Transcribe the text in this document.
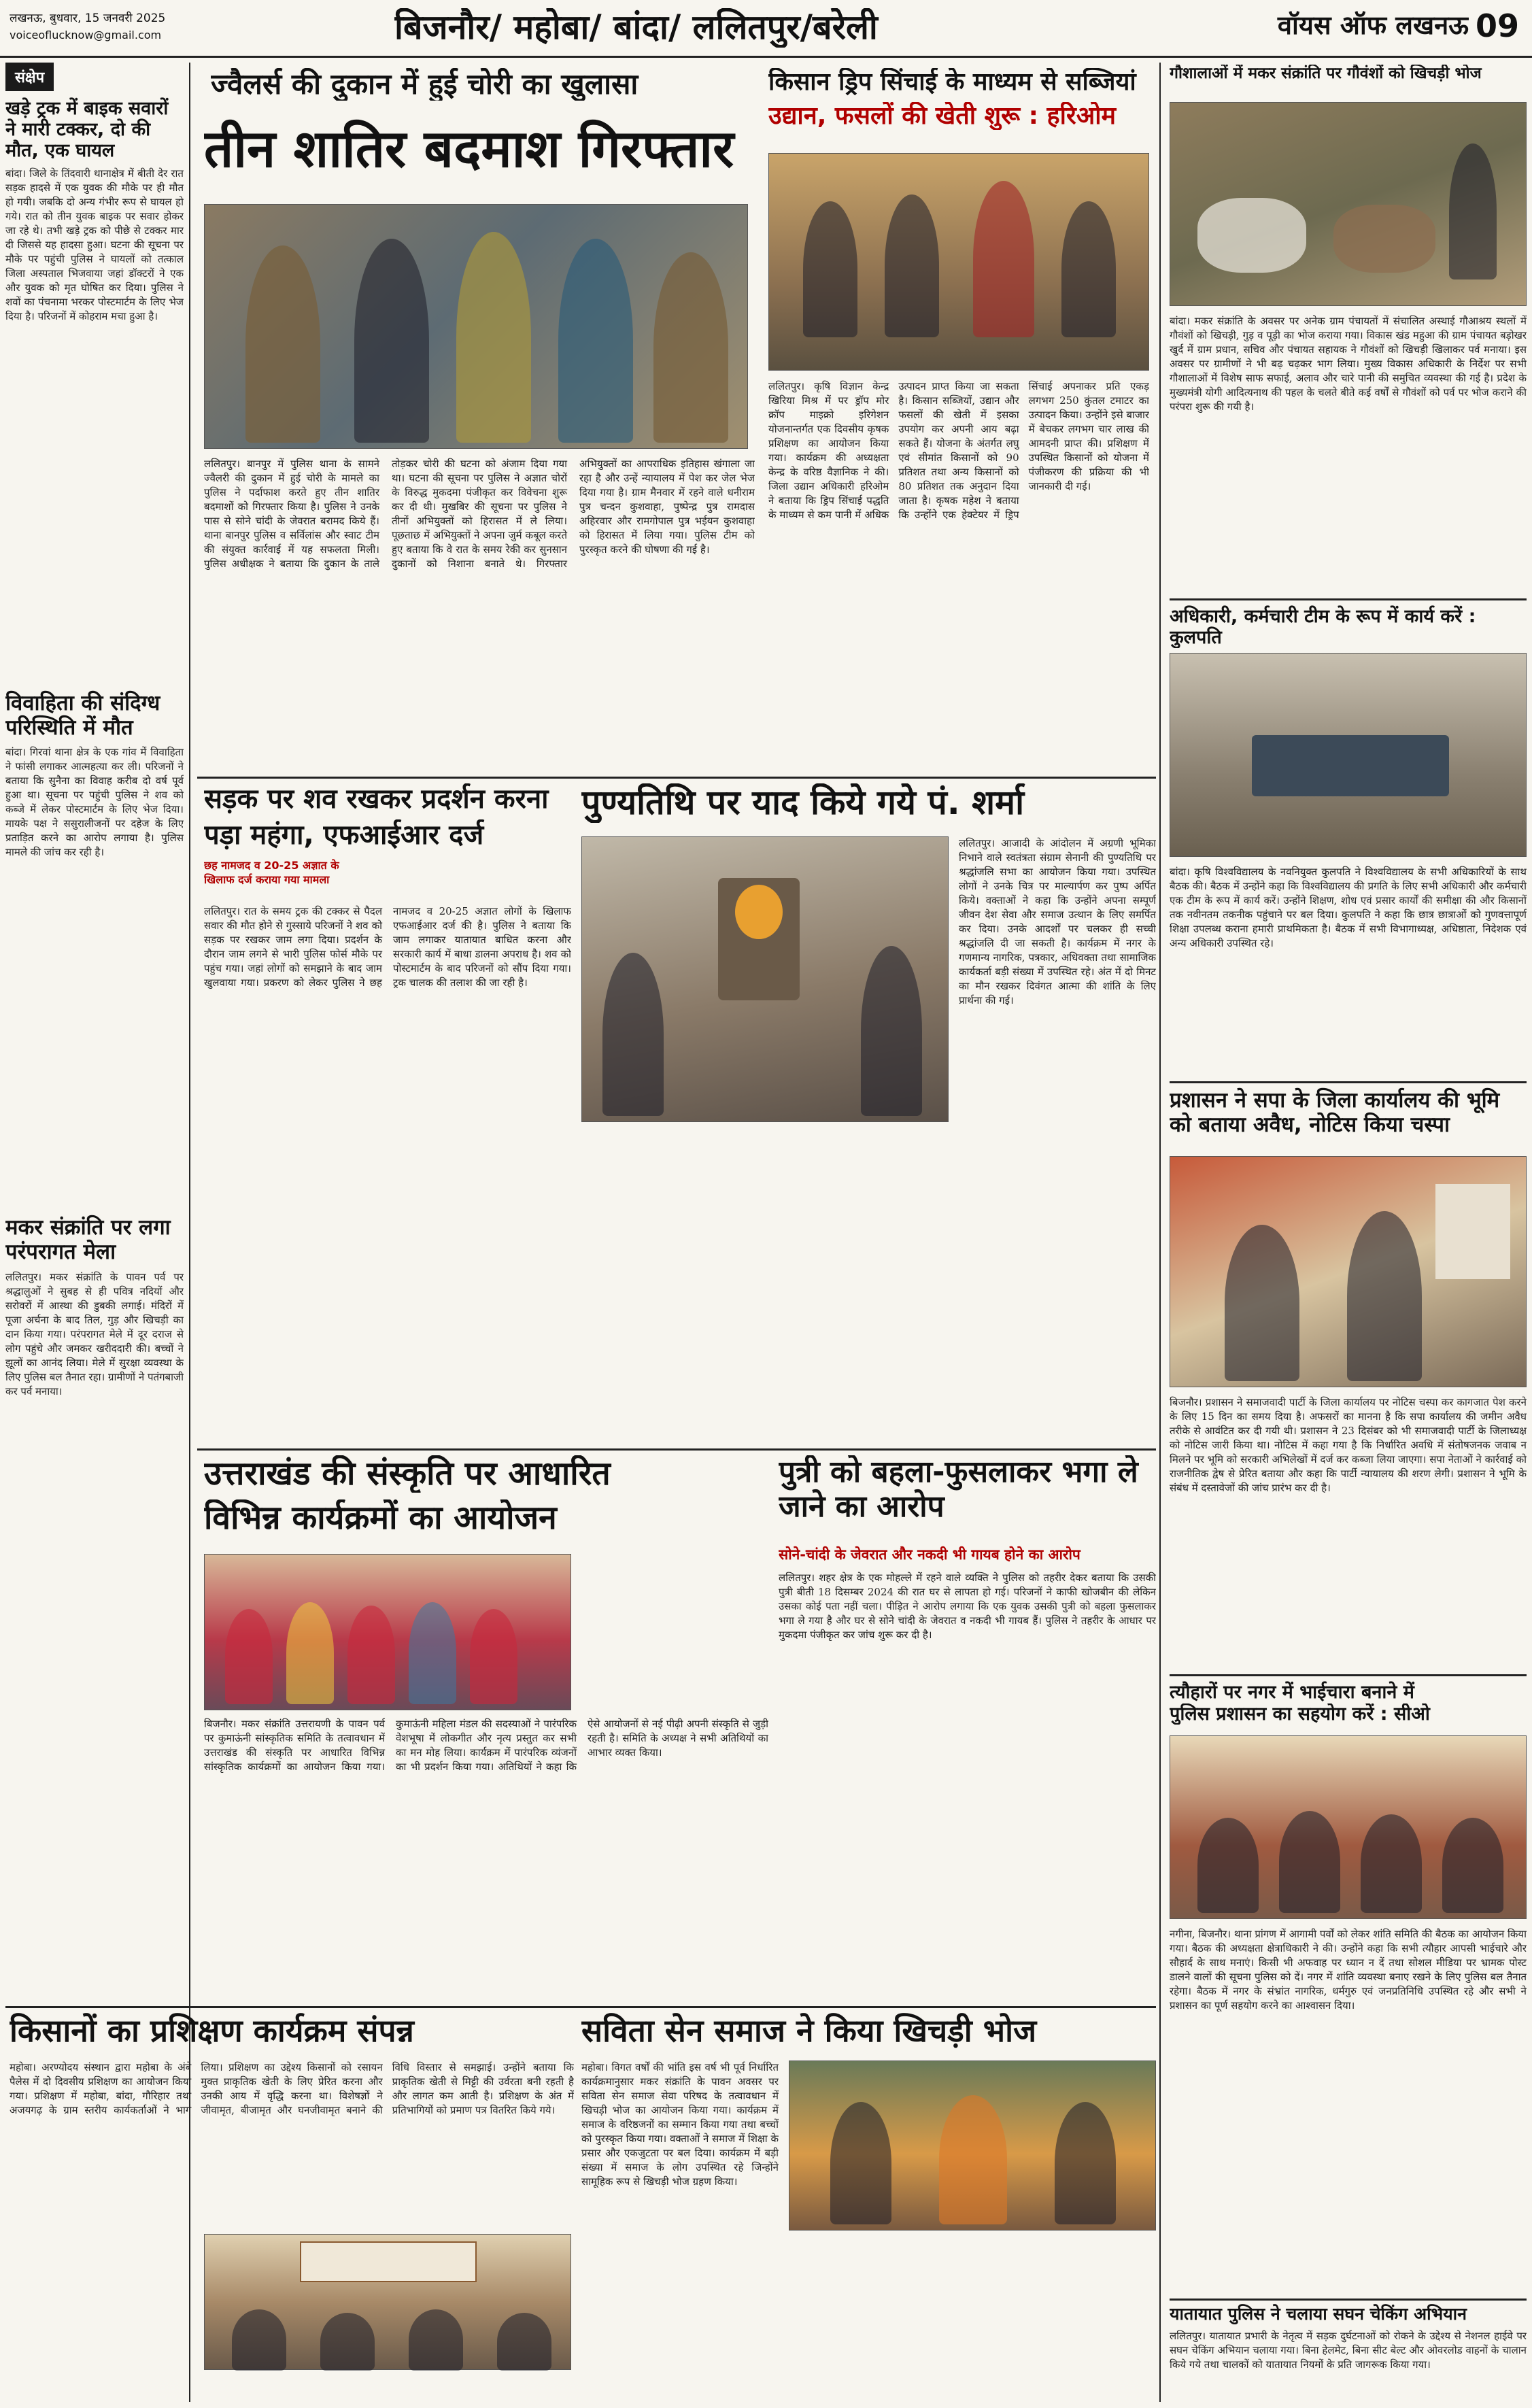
लखनऊ, बुधवार, 15 जनवरी 2025
voiceoflucknow@gmail.com	बिजनौर/ महोबा/ बांदा/ ललितपुर/बरेली	वॉयस ऑफ लखनऊ 09
संक्षेप
खड़े ट्रक में बाइक सवारों ने मारी टक्कर, दो की मौत, एक घायल
बांदा। जिले के तिंदवारी थानाक्षेत्र में बीती देर रात सड़क हादसे में एक युवक की मौके पर ही मौत हो गयी। जबकि दो अन्य गंभीर रूप से घायल हो गये। रात को तीन युवक बाइक पर सवार होकर जा रहे थे। तभी खड़े ट्रक को पीछे से टक्कर मार दी जिससे यह हादसा हुआ। घटना की सूचना पर मौके पर पहुंची पुलिस ने घायलों को तत्काल जिला अस्पताल भिजवाया जहां डॉक्टरों ने एक और युवक को मृत घोषित कर दिया। पुलिस ने शवों का पंचनामा भरकर पोस्टमार्टम के लिए भेज दिया है। परिजनों में कोहराम मचा हुआ है।
विवाहिता की संदिग्ध परिस्थिति में मौत
बांदा। गिरवां थाना क्षेत्र के एक गांव में विवाहिता ने फांसी लगाकर आत्महत्या कर ली। परिजनों ने बताया कि सुनैना का विवाह करीब दो वर्ष पूर्व हुआ था। सूचना पर पहुंची पुलिस ने शव को कब्जे में लेकर पोस्टमार्टम के लिए भेज दिया। मायके पक्ष ने ससुरालीजनों पर दहेज के लिए प्रताड़ित करने का आरोप लगाया है। पुलिस मामले की जांच कर रही है।
मकर संक्रांति पर लगा परंपरागत मेला
ललितपुर। मकर संक्रांति के पावन पर्व पर श्रद्धालुओं ने सुबह से ही पवित्र नदियों और सरोवरों में आस्था की डुबकी लगाई। मंदिरों में पूजा अर्चना के बाद तिल, गुड़ और खिचड़ी का दान किया गया। परंपरागत मेले में दूर दराज से लोग पहुंचे और जमकर खरीददारी की। बच्चों ने झूलों का आनंद लिया। मेले में सुरक्षा व्यवस्था के लिए पुलिस बल तैनात रहा। ग्रामीणों ने पतंगबाजी कर पर्व मनाया।
ज्वैलर्स की दुकान में हुई चोरी का खुलासा
तीन शातिर बदमाश गिरफ्तार
ललितपुर। बानपुर में पुलिस थाना के सामने ज्वैलरी की दुकान में हुई चोरी के मामले का पुलिस ने पर्दाफाश करते हुए तीन शातिर बदमाशों को गिरफ्तार किया है। पुलिस ने उनके पास से सोने चांदी के जेवरात बरामद किये हैं। थाना बानपुर पुलिस व सर्विलांस और स्वाट टीम की संयुक्त कार्रवाई में यह सफलता मिली। पुलिस अधीक्षक ने बताया कि दुकान के ताले तोड़कर चोरी की घटना को अंजाम दिया गया था। घटना की सूचना पर पुलिस ने अज्ञात चोरों के विरुद्ध मुकदमा पंजीकृत कर विवेचना शुरू कर दी थी। मुखबिर की सूचना पर पुलिस ने तीनों अभियुक्तों को हिरासत में ले लिया। पूछताछ में अभियुक्तों ने अपना जुर्म कबूल करते हुए बताया कि वे रात के समय रेकी कर सुनसान दुकानों को निशाना बनाते थे। गिरफ्तार अभियुक्तों का आपराधिक इतिहास खंगाला जा रहा है और उन्हें न्यायालय में पेश कर जेल भेज दिया गया है। ग्राम मैनवार में रहने वाले धनीराम पुत्र चन्दन कुशवाहा, पुष्पेन्द्र पुत्र रामदास अहिरवार और रामगोपाल पुत्र भईयन कुशवाहा को हिरासत में लिया गया। पुलिस टीम को पुरस्कृत करने की घोषणा की गई है।
किसान ड्रिप सिंचाई के माध्यम से सब्जियां
उद्यान, फसलों की खेती शुरू : हरिओम
ललितपुर। कृषि विज्ञान केन्द्र खिरिया मिश्र में पर ड्रॉप मोर क्रॉप माइक्रो इरिगेशन योजनान्तर्गत एक दिवसीय कृषक प्रशिक्षण का आयोजन किया गया। कार्यक्रम की अध्यक्षता केन्द्र के वरिष्ठ वैज्ञानिक ने की। जिला उद्यान अधिकारी हरिओम ने बताया कि ड्रिप सिंचाई पद्धति के माध्यम से कम पानी में अधिक उत्पादन प्राप्त किया जा सकता है। किसान सब्जियों, उद्यान और फसलों की खेती में इसका उपयोग कर अपनी आय बढ़ा सकते हैं। योजना के अंतर्गत लघु एवं सीमांत किसानों को 90 प्रतिशत तथा अन्य किसानों को 80 प्रतिशत तक अनुदान दिया जाता है। कृषक महेश ने बताया कि उन्होंने एक हेक्टेयर में ड्रिप सिंचाई अपनाकर प्रति एकड़ लगभग 250 कुंतल टमाटर का उत्पादन किया। उन्होंने इसे बाजार में बेचकर लगभग चार लाख की आमदनी प्राप्त की। प्रशिक्षण में उपस्थित किसानों को योजना में पंजीकरण की प्रक्रिया की भी जानकारी दी गई।
गौशालाओं में मकर संक्रांति पर गौवंशों को खिचड़ी भोज
बांदा। मकर संक्रांति के अवसर पर अनेक ग्राम पंचायतों में संचालित अस्थाई गौआश्रय स्थलों में गौवंशों को खिचड़ी, गुड़ व पूड़ी का भोज कराया गया। विकास खंड महुआ की ग्राम पंचायत बड़ोखर खुर्द में ग्राम प्रधान, सचिव और पंचायत सहायक ने गौवंशों को खिचड़ी खिलाकर पर्व मनाया। इस अवसर पर ग्रामीणों ने भी बढ़ चढ़कर भाग लिया। मुख्य विकास अधिकारी के निर्देश पर सभी गौशालाओं में विशेष साफ सफाई, अलाव और चारे पानी की समुचित व्यवस्था की गई है। प्रदेश के मुख्यमंत्री योगी आदित्यनाथ की पहल के चलते बीते कई वर्षों से गौवंशों को पर्व पर भोज कराने की परंपरा शुरू की गयी है।
अधिकारी, कर्मचारी टीम के रूप में कार्य करें : कुलपति
बांदा। कृषि विश्वविद्यालय के नवनियुक्त कुलपति ने विश्वविद्यालय के सभी अधिकारियों के साथ बैठक की। बैठक में उन्होंने कहा कि विश्वविद्यालय की प्रगति के लिए सभी अधिकारी और कर्मचारी एक टीम के रूप में कार्य करें। उन्होंने शिक्षण, शोध एवं प्रसार कार्यों की समीक्षा की और किसानों तक नवीनतम तकनीक पहुंचाने पर बल दिया। कुलपति ने कहा कि छात्र छात्राओं को गुणवत्तापूर्ण शिक्षा उपलब्ध कराना हमारी प्राथमिकता है। बैठक में सभी विभागाध्यक्ष, अधिष्ठाता, निदेशक एवं अन्य अधिकारी उपस्थित रहे।
प्रशासन ने सपा के जिला कार्यालय की भूमि को बताया अवैध, नोटिस किया चस्पा
बिजनौर। प्रशासन ने समाजवादी पार्टी के जिला कार्यालय पर नोटिस चस्पा कर कागजात पेश करने के लिए 15 दिन का समय दिया है। अफसरों का मानना है कि सपा कार्यालय की जमीन अवैध तरीके से आवंटित कर दी गयी थी। प्रशासन ने 23 दिसंबर को भी समाजवादी पार्टी के जिलाध्यक्ष को नोटिस जारी किया था। नोटिस में कहा गया है कि निर्धारित अवधि में संतोषजनक जवाब न मिलने पर भूमि को सरकारी अभिलेखों में दर्ज कर कब्जा लिया जाएगा। सपा नेताओं ने कार्रवाई को राजनीतिक द्वेष से प्रेरित बताया और कहा कि पार्टी न्यायालय की शरण लेगी। प्रशासन ने भूमि के संबंध में दस्तावेजों की जांच प्रारंभ कर दी है।
त्यौहारों पर नगर में भाईचारा बनाने में
पुलिस प्रशासन का सहयोग करें : सीओ
नगीना, बिजनौर। थाना प्रांगण में आगामी पर्वों को लेकर शांति समिति की बैठक का आयोजन किया गया। बैठक की अध्यक्षता क्षेत्राधिकारी ने की। उन्होंने कहा कि सभी त्यौहार आपसी भाईचारे और सौहार्द के साथ मनाएं। किसी भी अफवाह पर ध्यान न दें तथा सोशल मीडिया पर भ्रामक पोस्ट डालने वालों की सूचना पुलिस को दें। नगर में शांति व्यवस्था बनाए रखने के लिए पुलिस बल तैनात रहेगा। बैठक में नगर के संभ्रांत नागरिक, धर्मगुरु एवं जनप्रतिनिधि उपस्थित रहे और सभी ने प्रशासन का पूर्ण सहयोग करने का आश्वासन दिया।
यातायात पुलिस ने चलाया सघन चेकिंग अभियान
ललितपुर। यातायात प्रभारी के नेतृत्व में सड़क दुर्घटनाओं को रोकने के उद्देश्य से नेशनल हाईवे पर सघन चेकिंग अभियान चलाया गया। बिना हेलमेट, बिना सीट बेल्ट और ओवरलोड वाहनों के चालान किये गये तथा चालकों को यातायात नियमों के प्रति जागरूक किया गया।
सड़क पर शव रखकर प्रदर्शन करना
पड़ा महंगा, एफआईआर दर्ज
छह नामजद व 20-25 अज्ञात के खिलाफ दर्ज कराया गया मामला
ललितपुर। रात के समय ट्रक की टक्कर से पैदल सवार की मौत होने से गुस्साये परिजनों ने शव को सड़क पर रखकर जाम लगा दिया। प्रदर्शन के दौरान जाम लगने से भारी पुलिस फोर्स मौके पर पहुंच गया। जहां लोगों को समझाने के बाद जाम खुलवाया गया। प्रकरण को लेकर पुलिस ने छह नामजद व 20-25 अज्ञात लोगों के खिलाफ एफआईआर दर्ज की है। पुलिस ने बताया कि जाम लगाकर यातायात बाधित करना और सरकारी कार्य में बाधा डालना अपराध है। शव को पोस्टमार्टम के बाद परिजनों को सौंप दिया गया। ट्रक चालक की तलाश की जा रही है।
पुण्यतिथि पर याद किये गये पं. शर्मा
ललितपुर। आजादी के आंदोलन में अग्रणी भूमिका निभाने वाले स्वतंत्रता संग्राम सेनानी की पुण्यतिथि पर श्रद्धांजलि सभा का आयोजन किया गया। उपस्थित लोगों ने उनके चित्र पर माल्यार्पण कर पुष्प अर्पित किये। वक्ताओं ने कहा कि उन्होंने अपना सम्पूर्ण जीवन देश सेवा और समाज उत्थान के लिए समर्पित कर दिया। उनके आदर्शों पर चलकर ही सच्ची श्रद्धांजलि दी जा सकती है। कार्यक्रम में नगर के गणमान्य नागरिक, पत्रकार, अधिवक्ता तथा सामाजिक कार्यकर्ता बड़ी संख्या में उपस्थित रहे। अंत में दो मिनट का मौन रखकर दिवंगत आत्मा की शांति के लिए प्रार्थना की गई।
उत्तराखंड की संस्कृति पर आधारित
विभिन्न कार्यक्रमों का आयोजन
बिजनौर। मकर संक्रांति उत्तरायणी के पावन पर्व पर कुमाऊंनी सांस्कृतिक समिति के तत्वावधान में उत्तराखंड की संस्कृति पर आधारित विभिन्न सांस्कृतिक कार्यक्रमों का आयोजन किया गया। कुमाऊंनी महिला मंडल की सदस्याओं ने पारंपरिक वेशभूषा में लोकगीत और नृत्य प्रस्तुत कर सभी का मन मोह लिया। कार्यक्रम में पारंपरिक व्यंजनों का भी प्रदर्शन किया गया। अतिथियों ने कहा कि ऐसे आयोजनों से नई पीढ़ी अपनी संस्कृति से जुड़ी रहती है। समिति के अध्यक्ष ने सभी अतिथियों का आभार व्यक्त किया।
पुत्री को बहला-फुसलाकर भगा ले जाने का आरोप
सोने-चांदी के जेवरात और नकदी भी गायब होने का आरोप
ललितपुर। शहर क्षेत्र के एक मोहल्ले में रहने वाले व्यक्ति ने पुलिस को तहरीर देकर बताया कि उसकी पुत्री बीती 18 दिसम्बर 2024 की रात घर से लापता हो गई। परिजनों ने काफी खोजबीन की लेकिन उसका कोई पता नहीं चला। पीड़ित ने आरोप लगाया कि एक युवक उसकी पुत्री को बहला फुसलाकर भगा ले गया है और घर से सोने चांदी के जेवरात व नकदी भी गायब हैं। पुलिस ने तहरीर के आधार पर मुकदमा पंजीकृत कर जांच शुरू कर दी है।
किसानों का प्रशिक्षण कार्यक्रम संपन्न
महोबा। अरण्योदय संस्थान द्वारा महोबा के अंबे पैलेस में दो दिवसीय प्रशिक्षण का आयोजन किया गया। प्रशिक्षण में महोबा, बांदा, गौरिहार तथा अजयगढ़ के ग्राम स्तरीय कार्यकर्ताओं ने भाग लिया। प्रशिक्षण का उद्देश्य किसानों को रसायन मुक्त प्राकृतिक खेती के लिए प्रेरित करना और उनकी आय में वृद्धि करना था। विशेषज्ञों ने जीवामृत, बीजामृत और घनजीवामृत बनाने की विधि विस्तार से समझाई। उन्होंने बताया कि प्राकृतिक खेती से मिट्टी की उर्वरता बनी रहती है और लागत कम आती है। प्रशिक्षण के अंत में प्रतिभागियों को प्रमाण पत्र वितरित किये गये।
सविता सेन समाज ने किया खिचड़ी भोज
महोबा। विगत वर्षों की भांति इस वर्ष भी पूर्व निर्धारित कार्यक्रमानुसार मकर संक्रांति के पावन अवसर पर सविता सेन समाज सेवा परिषद के तत्वावधान में खिचड़ी भोज का आयोजन किया गया। कार्यक्रम में समाज के वरिष्ठजनों का सम्मान किया गया तथा बच्चों को पुरस्कृत किया गया। वक्ताओं ने समाज में शिक्षा के प्रसार और एकजुटता पर बल दिया। कार्यक्रम में बड़ी संख्या में समाज के लोग उपस्थित रहे जिन्होंने सामूहिक रूप से खिचड़ी भोज ग्रहण किया।
